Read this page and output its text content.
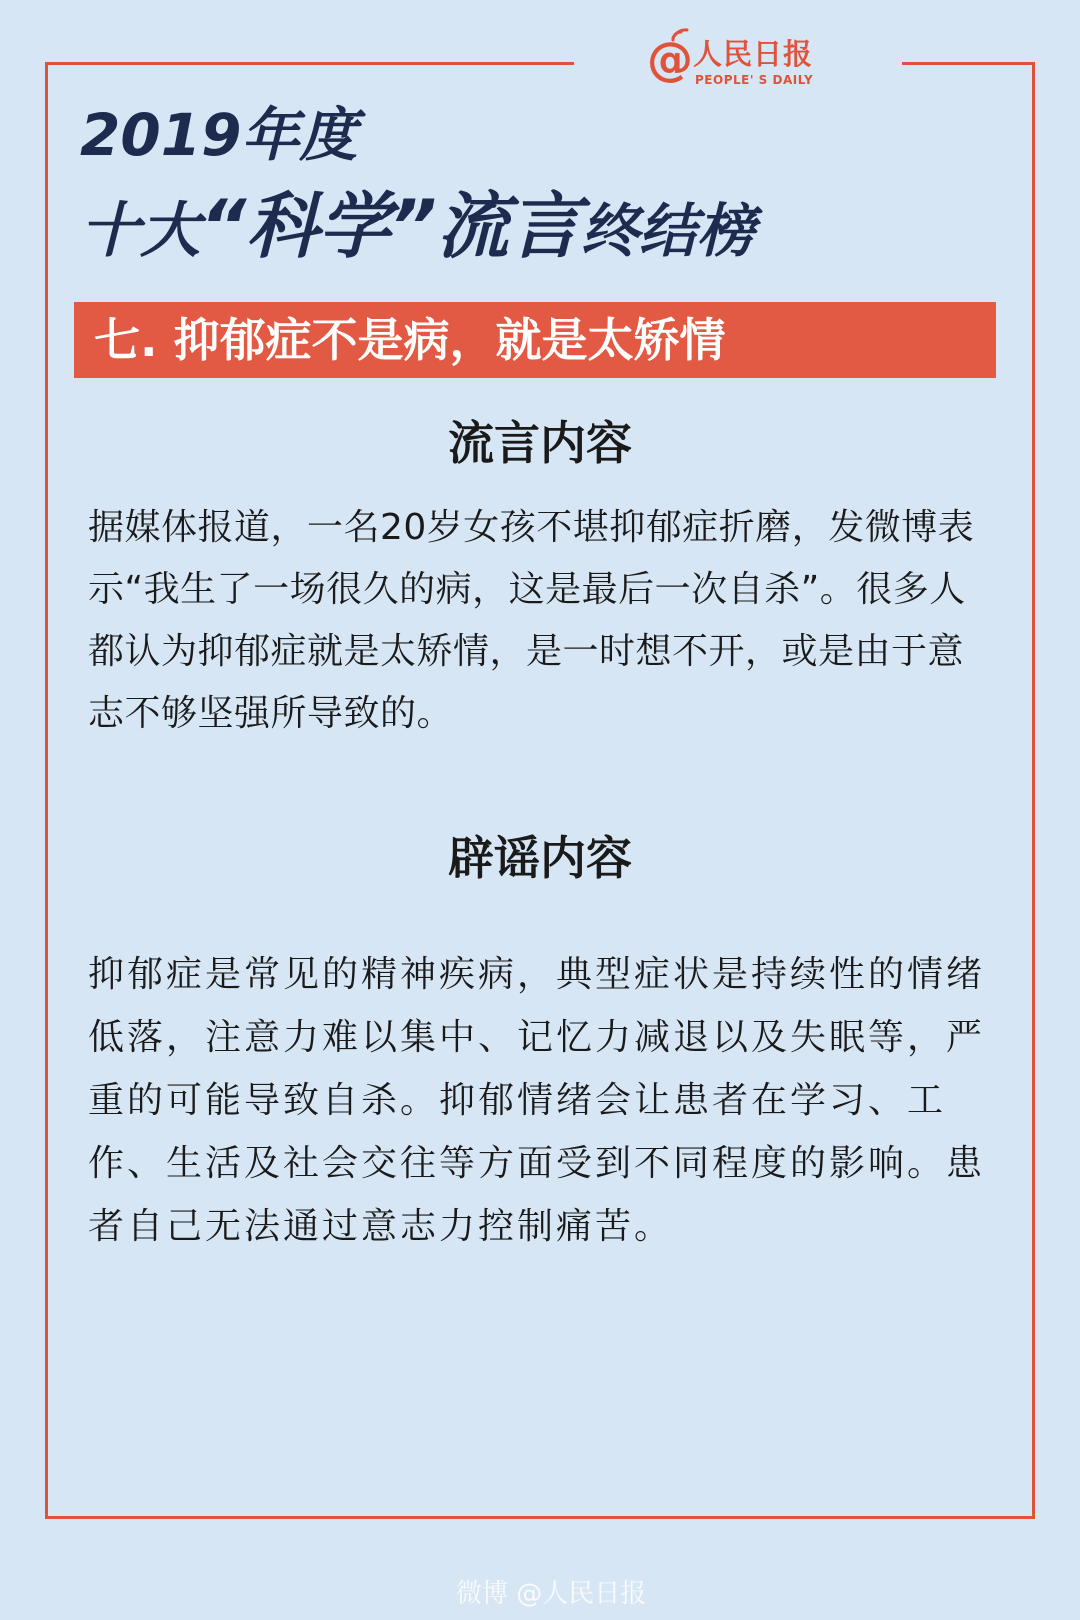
@ 人民日报
PEOPLE' S DAILY
2019年度
十大“科学”流言终结榜
七. 抑郁症不是病，就是太矫情
流言内容

据媒体报道，一名20岁女孩不堪抑郁症折磨，发微博表示“我生了一场很久的病，这是最后一次自杀”。很多人都认为抑郁症就是太矫情，是一时想不开，或是由于意志不够坚强所导致的。

辟谣内容

抑郁症是常见的精神疾病，典型症状是持续性的情绪低落，注意力难以集中、记忆力减退以及失眠等，严重的可能导致自杀。抑郁情绪会让患者在学习、工作、生活及社会交往等方面受到不同程度的影响。患者自己无法通过意志力控制痛苦。

微博 @人民日报
